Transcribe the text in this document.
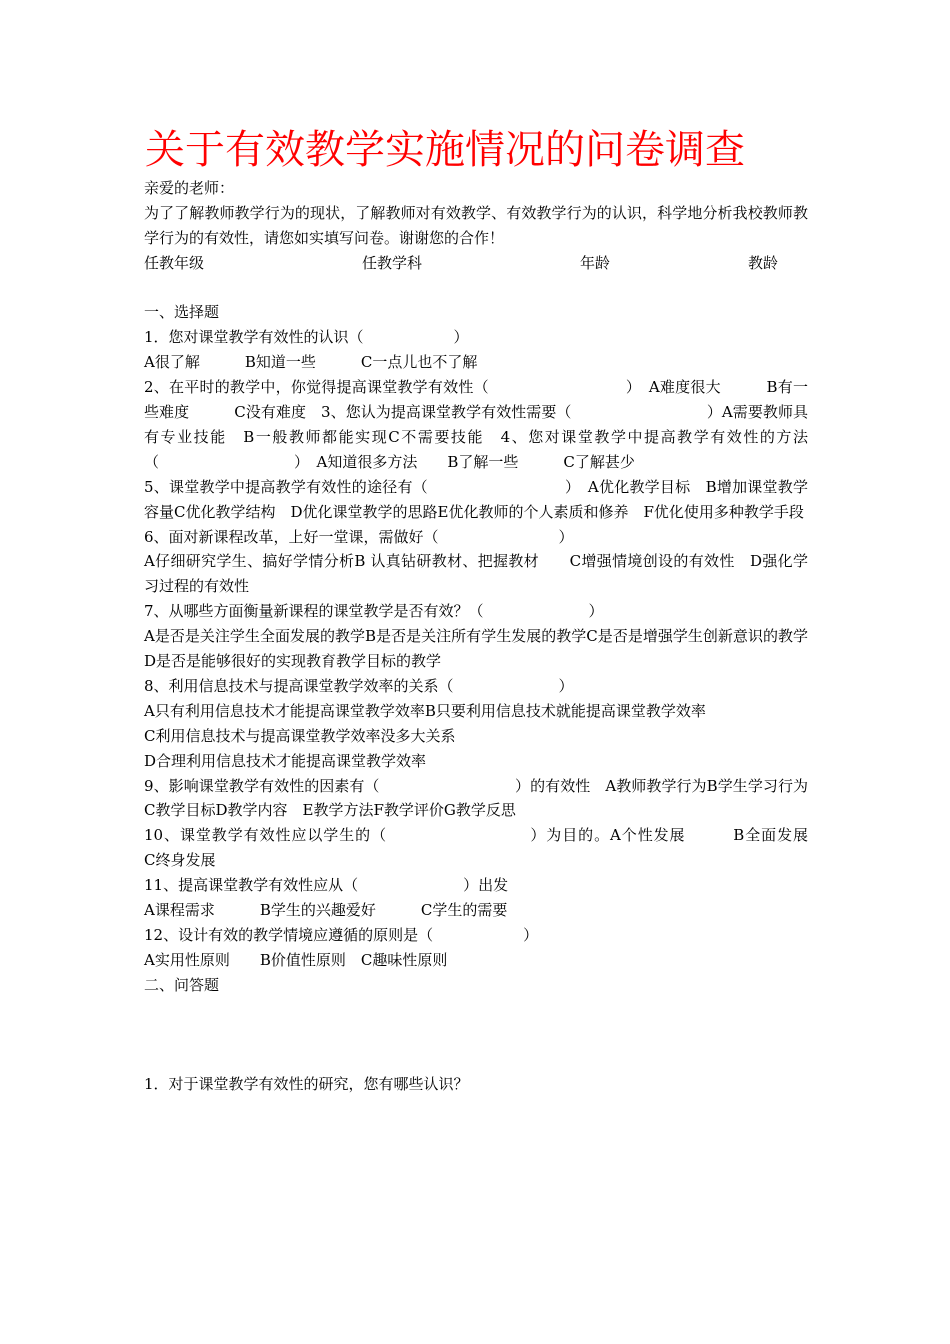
关于有效教学实施情况的问卷调查
亲爱的老师：
为了了解教师教学行为的现状，了解教师对有效教学、有效教学行为的认识，科学地分析我校教师教学行为的有效性，请您如实填写问卷。谢谢您的合作！
任教年级	任教学科	年龄	教龄
一、选择题
1．您对课堂教学有效性的认识（　　　　　　）
A很了解　　　B知道一些　　　C一点儿也不了解
2、在平时的教学中，你觉得提高课堂教学有效性（　　　　　　　　　）　A难度很大　　　B有一些难度　　　C没有难度　3、您认为提高课堂教学有效性需要（　　　　　　　　　）A需要教师具有专业技能　B一般教师都能实现C不需要技能　4、您对课堂教学中提高教学有效性的方法（　　　　　　　　　）　A知道很多方法　　B了解一些　　　C了解甚少
5、课堂教学中提高教学有效性的途径有（　　　　　　　　　）　A优化教学目标　B增加课堂教学容量C优化教学结构　D优化课堂教学的思路E优化教师的个人素质和修养　F优化使用多种教学手段
6、面对新课程改革，上好一堂课，需做好（　　　　　　　　）
A仔细研究学生、搞好学情分析B 认真钻研教材、把握教材　　C增强情境创设的有效性　D强化学习过程的有效性
7、从哪些方面衡量新课程的课堂教学是否有效？（　　　　　　　）
A是否是关注学生全面发展的教学B是否是关注所有学生发展的教学C是否是增强学生创新意识的教学D是否是能够很好的实现教育教学目标的教学
8、利用信息技术与提高课堂教学效率的关系（　　　　　　　）
A只有利用信息技术才能提高课堂教学效率B只要利用信息技术就能提高课堂教学效率
C利用信息技术与提高课堂教学效率没多大关系
D合理利用信息技术才能提高课堂教学效率
9、影响课堂教学有效性的因素有（　　　　　　　　　）的有效性　A教师教学行为B学生学习行为C教学目标D教学内容　E教学方法F教学评价G教学反思
10、课堂教学有效性应以学生的（　　　　　　　　　）为目的。A个性发展　　　B全面发展　　　C终身发展
11、提高课堂教学有效性应从（　　　　　　　）出发
A课程需求　　　B学生的兴趣爱好　　　C学生的需要
12、设计有效的教学情境应遵循的原则是（　　　　　　）
A实用性原则　　B价值性原则　C趣味性原则
二、问答题
1．对于课堂教学有效性的研究，您有哪些认识？
